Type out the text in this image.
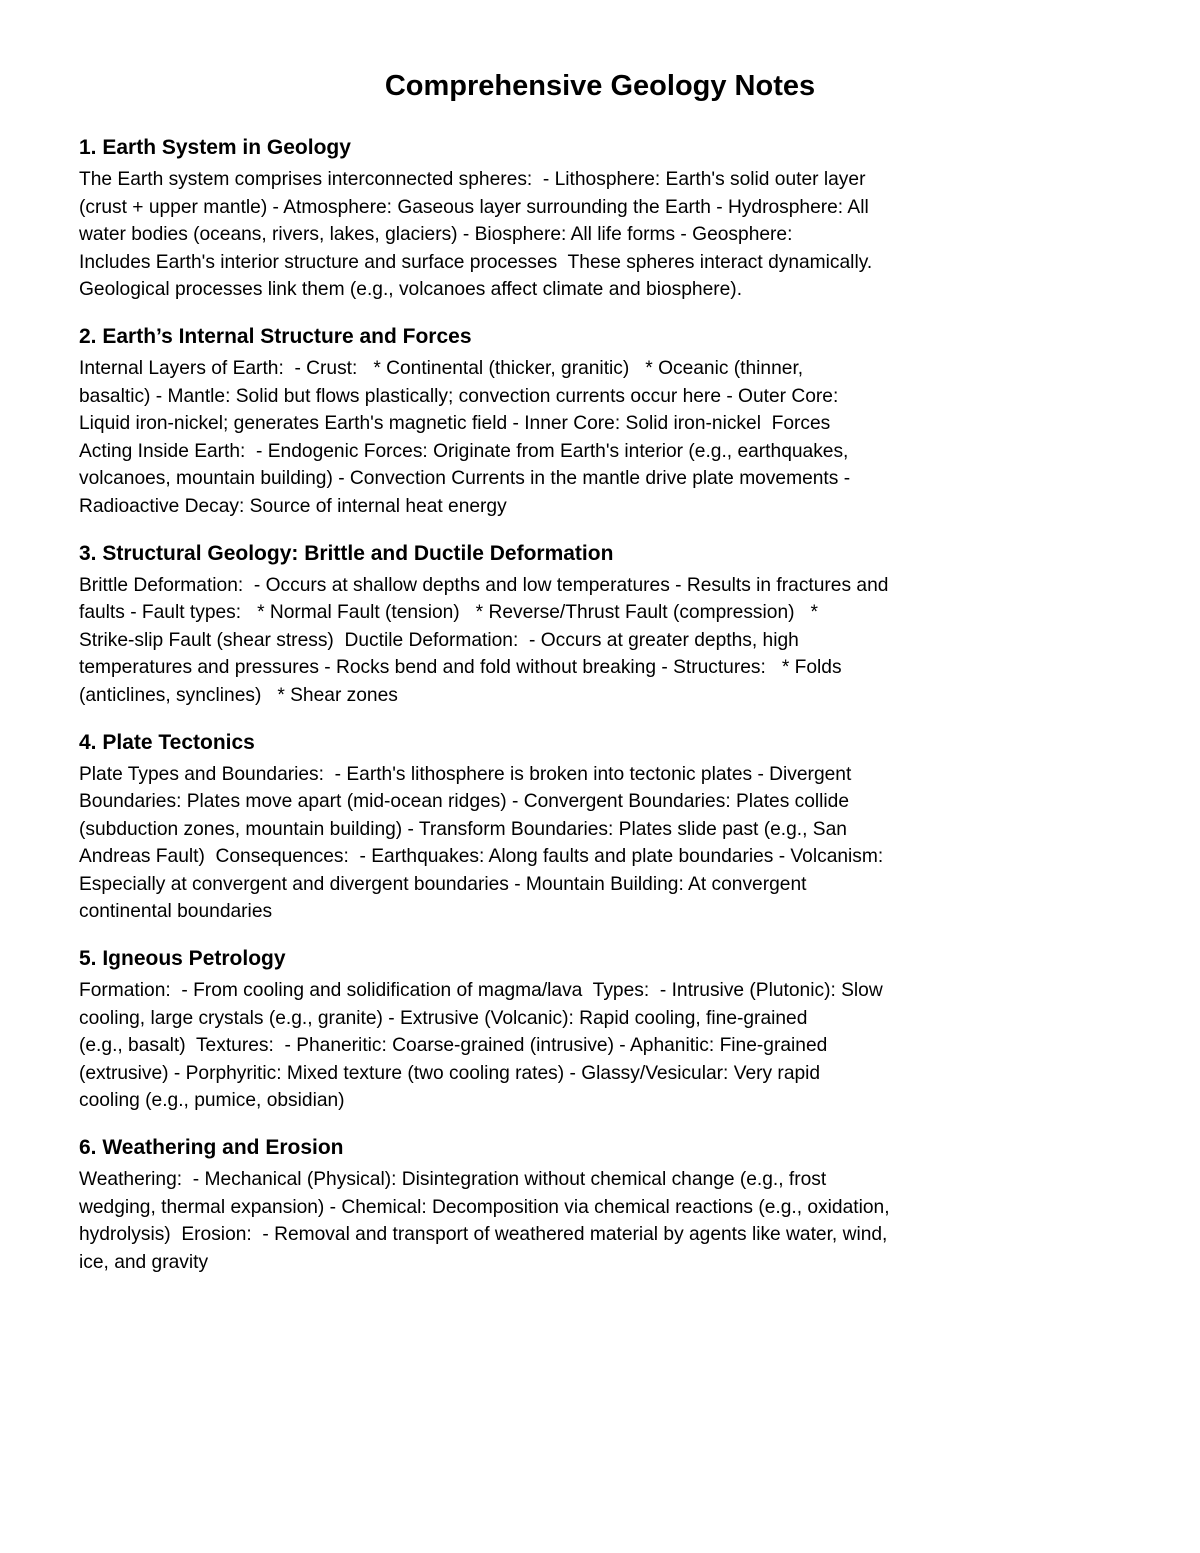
Comprehensive Geology Notes
1. Earth System in Geology

The Earth system comprises interconnected spheres:  - Lithosphere: Earth's solid outer layer
(crust + upper mantle) - Atmosphere: Gaseous layer surrounding the Earth - Hydrosphere: All
water bodies (oceans, rivers, lakes, glaciers) - Biosphere: All life forms - Geosphere:
Includes Earth's interior structure and surface processes  These spheres interact dynamically.
Geological processes link them (e.g., volcanoes affect climate and biosphere).

2. Earth’s Internal Structure and Forces

Internal Layers of Earth:  - Crust:   * Continental (thicker, granitic)   * Oceanic (thinner,
basaltic) - Mantle: Solid but flows plastically; convection currents occur here - Outer Core:
Liquid iron-nickel; generates Earth's magnetic field - Inner Core: Solid iron-nickel  Forces
Acting Inside Earth:  - Endogenic Forces: Originate from Earth's interior (e.g., earthquakes,
volcanoes, mountain building) - Convection Currents in the mantle drive plate movements -
Radioactive Decay: Source of internal heat energy

3. Structural Geology: Brittle and Ductile Deformation

Brittle Deformation:  - Occurs at shallow depths and low temperatures - Results in fractures and
faults - Fault types:   * Normal Fault (tension)   * Reverse/Thrust Fault (compression)   *
Strike-slip Fault (shear stress)  Ductile Deformation:  - Occurs at greater depths, high
temperatures and pressures - Rocks bend and fold without breaking - Structures:   * Folds
(anticlines, synclines)   * Shear zones

4. Plate Tectonics

Plate Types and Boundaries:  - Earth's lithosphere is broken into tectonic plates - Divergent
Boundaries: Plates move apart (mid-ocean ridges) - Convergent Boundaries: Plates collide
(subduction zones, mountain building) - Transform Boundaries: Plates slide past (e.g., San
Andreas Fault)  Consequences:  - Earthquakes: Along faults and plate boundaries - Volcanism:
Especially at convergent and divergent boundaries - Mountain Building: At convergent
continental boundaries

5. Igneous Petrology

Formation:  - From cooling and solidification of magma/lava  Types:  - Intrusive (Plutonic): Slow
cooling, large crystals (e.g., granite) - Extrusive (Volcanic): Rapid cooling, fine-grained
(e.g., basalt)  Textures:  - Phaneritic: Coarse-grained (intrusive) - Aphanitic: Fine-grained
(extrusive) - Porphyritic: Mixed texture (two cooling rates) - Glassy/Vesicular: Very rapid
cooling (e.g., pumice, obsidian)

6. Weathering and Erosion

Weathering:  - Mechanical (Physical): Disintegration without chemical change (e.g., frost
wedging, thermal expansion) - Chemical: Decomposition via chemical reactions (e.g., oxidation,
hydrolysis)  Erosion:  - Removal and transport of weathered material by agents like water, wind,
ice, and gravity
